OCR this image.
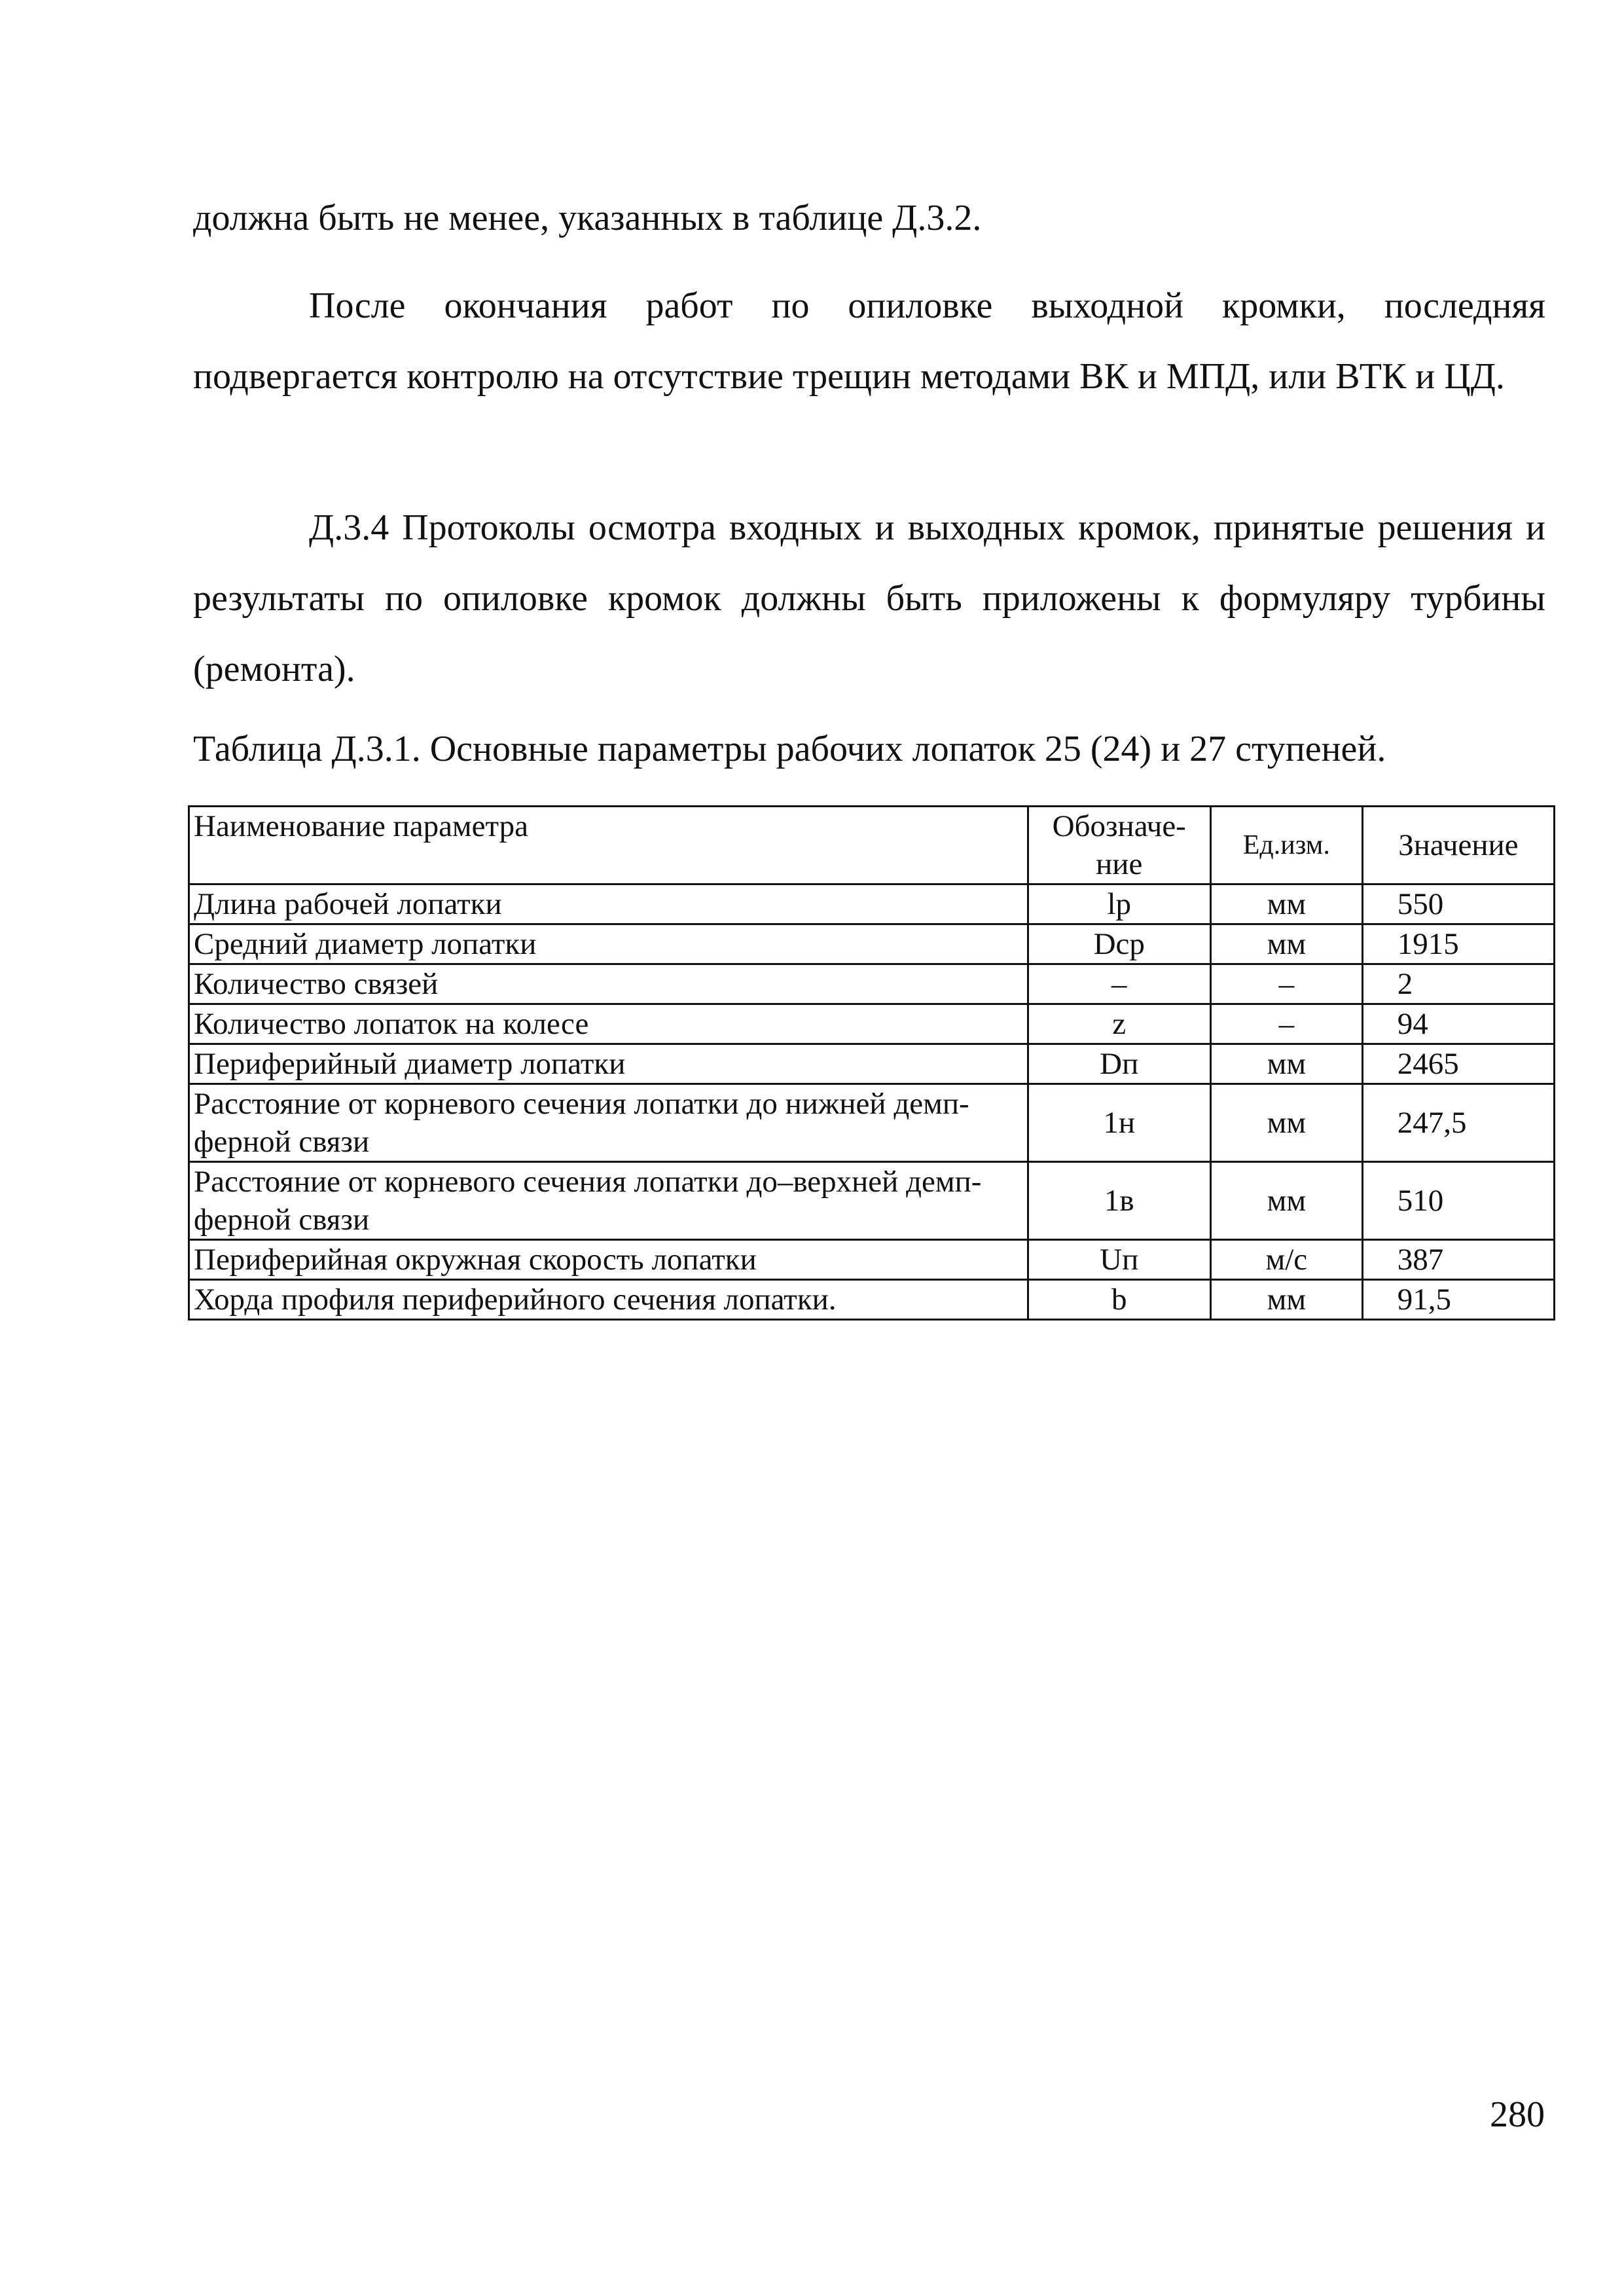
должна быть не менее, указанных в таблице Д.3.2.

После окончания работ по опиловке выходной кромки, последняя подвергается контролю на отсутствие трещин методами ВК и МПД, или ВТК и ЦД.

Д.3.4 Протоколы осмотра входных и выходных кромок, принятые решения и результаты по опиловке кромок должны быть приложены к формуляру турбины (ремонта).

Таблица Д.3.1. Основные параметры рабочих лопаток 25 (24) и 27 ступеней.

Наименование параметра	Обозначе-ние	Ед.изм.	Значение
Длина рабочей лопатки	lр	мм	550
Средний диаметр лопатки	Dср	мм	1915
Количество связей	–	–	2
Количество лопаток на колесе	z	–	94
Периферийный диаметр лопатки	Dп	мм	2465
Расстояние от корневого сечения лопатки до нижней демп-ферной связи	1н	мм	247,5
Расстояние от корневого сечения лопатки до–верхней демп-ферной связи	1в	мм	510
Периферийная окружная скорость лопатки	Uп	м/с	387
Хорда профиля периферийного сечения лопатки.	b	мм	91,5
280
